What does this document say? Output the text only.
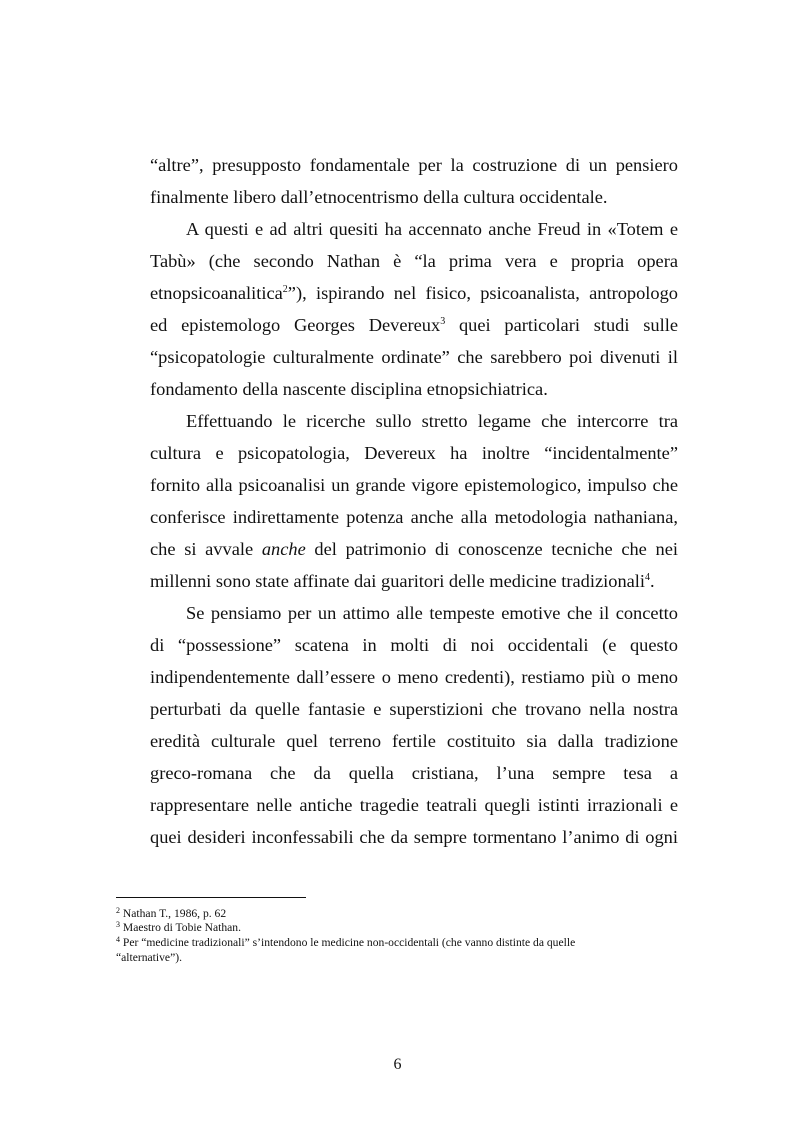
“altre”, presupposto fondamentale per la costruzione di un pensiero
finalmente libero dall’etnocentrismo della cultura occidentale.
A questi e ad altri quesiti ha accennato anche Freud in «Totem e
Tabù» (che secondo Nathan è “la prima vera e propria opera
etnopsicoanalitica$^2$”), ispirando nel fisico, psicoanalista, antropologo
ed epistemologo Georges Devereux$^3$ quei particolari studi sulle
“psicopatologie culturalmente ordinate” che sarebbero poi divenuti il
fondamento della nascente disciplina etnopsichiatrica.
Effettuando le ricerche sullo stretto legame che intercorre tra
cultura e psicopatologia, Devereux ha inoltre “incidentalmente”
fornito alla psicoanalisi un grande vigore epistemologico, impulso che
conferisce indirettamente potenza anche alla metodologia nathaniana,
che si avvale anche del patrimonio di conoscenze tecniche che nei
millenni sono state affinate dai guaritori delle medicine tradizionali$^4$.
Se pensiamo per un attimo alle tempeste emotive che il concetto
di “possessione” scatena in molti di noi occidentali (e questo
indipendentemente dall’essere o meno credenti), restiamo più o meno
perturbati da quelle fantasie e superstizioni che trovano nella nostra
eredità culturale quel terreno fertile costituito sia dalla tradizione
greco-romana che da quella cristiana, l’una sempre tesa a
rappresentare nelle antiche tragedie teatrali quegli istinti irrazionali e
quei desideri inconfessabili che da sempre tormentano l’animo di ogni
$^2$ Nathan T., 1986, p. 62
$^3$ Maestro di Tobie Nathan.
$^4$ Per “medicine tradizionali” s’intendono le medicine non-occidentali (che vanno distinte da quelle
“alternative”).
6
